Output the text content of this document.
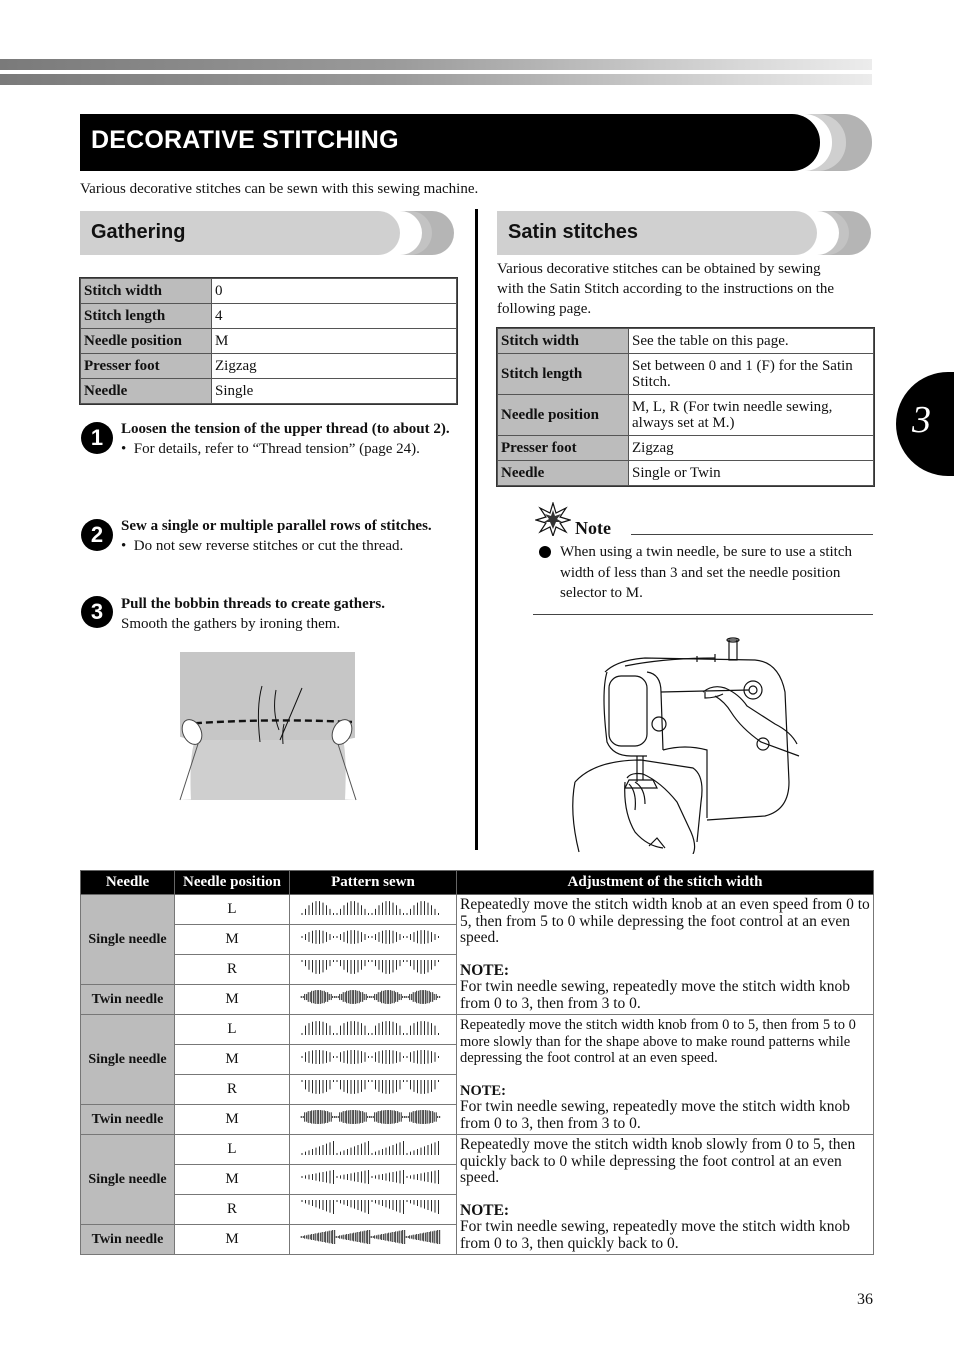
DECORATIVE STITCHING
Various decorative stitches can be sewn with this sewing machine.
Gathering
Stitch width	0
Stitch length	4
Needle position	M
Presser foot	Zigzag
Needle	Single
1	Loosen the tension of the upper thread (to about 2).
•  For details, refer to “Thread tension” (page 24).
2	Sew a single or multiple parallel rows of stitches.
•  Do not sew reverse stitches or cut the thread.
3	Pull the bobbin threads to create gathers.
Smooth the gathers by ironing them.
3
Satin stitches
Various decorative stitches can be obtained by sewing with the Satin Stitch according to the instructions on the following page.
Stitch width	See the table on this page.
Stitch length	Set between 0 and 1 (F) for the Satin Stitch.
Needle position	M, L, R (For twin needle sewing, always set at M.)
Presser foot	Zigzag
Needle	Single or Twin
Note
When using a twin needle, be sure to use a stitch width of less than 3 and set the needle position selector to M.
Needle	Needle position	Pattern sewn	Adjustment of the stitch width
Single needle	L		Repeatedly move the stitch width knob at an even speed from 0 to 5, then from 5 to 0 while depressing the foot control at an even speed.
NOTE:
For twin needle sewing, repeatedly move the stitch width knob from 0 to 3, then from 3 to 0.

	M	
	R	
Twin needle	M	
Single needle	L		Repeatedly move the stitch width knob from 0 to 5, then from 5 to 0 more slowly than for the shape above to make round patterns while depressing the foot control at an even speed.
NOTE:
For twin needle sewing, repeatedly move the stitch width knob from 0 to 3, then from 3 to 0.

	M	
	R	
Twin needle	M	
Single needle	L		Repeatedly move the stitch width knob slowly from 0 to 5, then quickly back to 0 while depressing the foot control at an even speed.
NOTE:
For twin needle sewing, repeatedly move the stitch width knob from 0 to 3, then quickly back to 0.

	M	
	R	
Twin needle	M	
36
